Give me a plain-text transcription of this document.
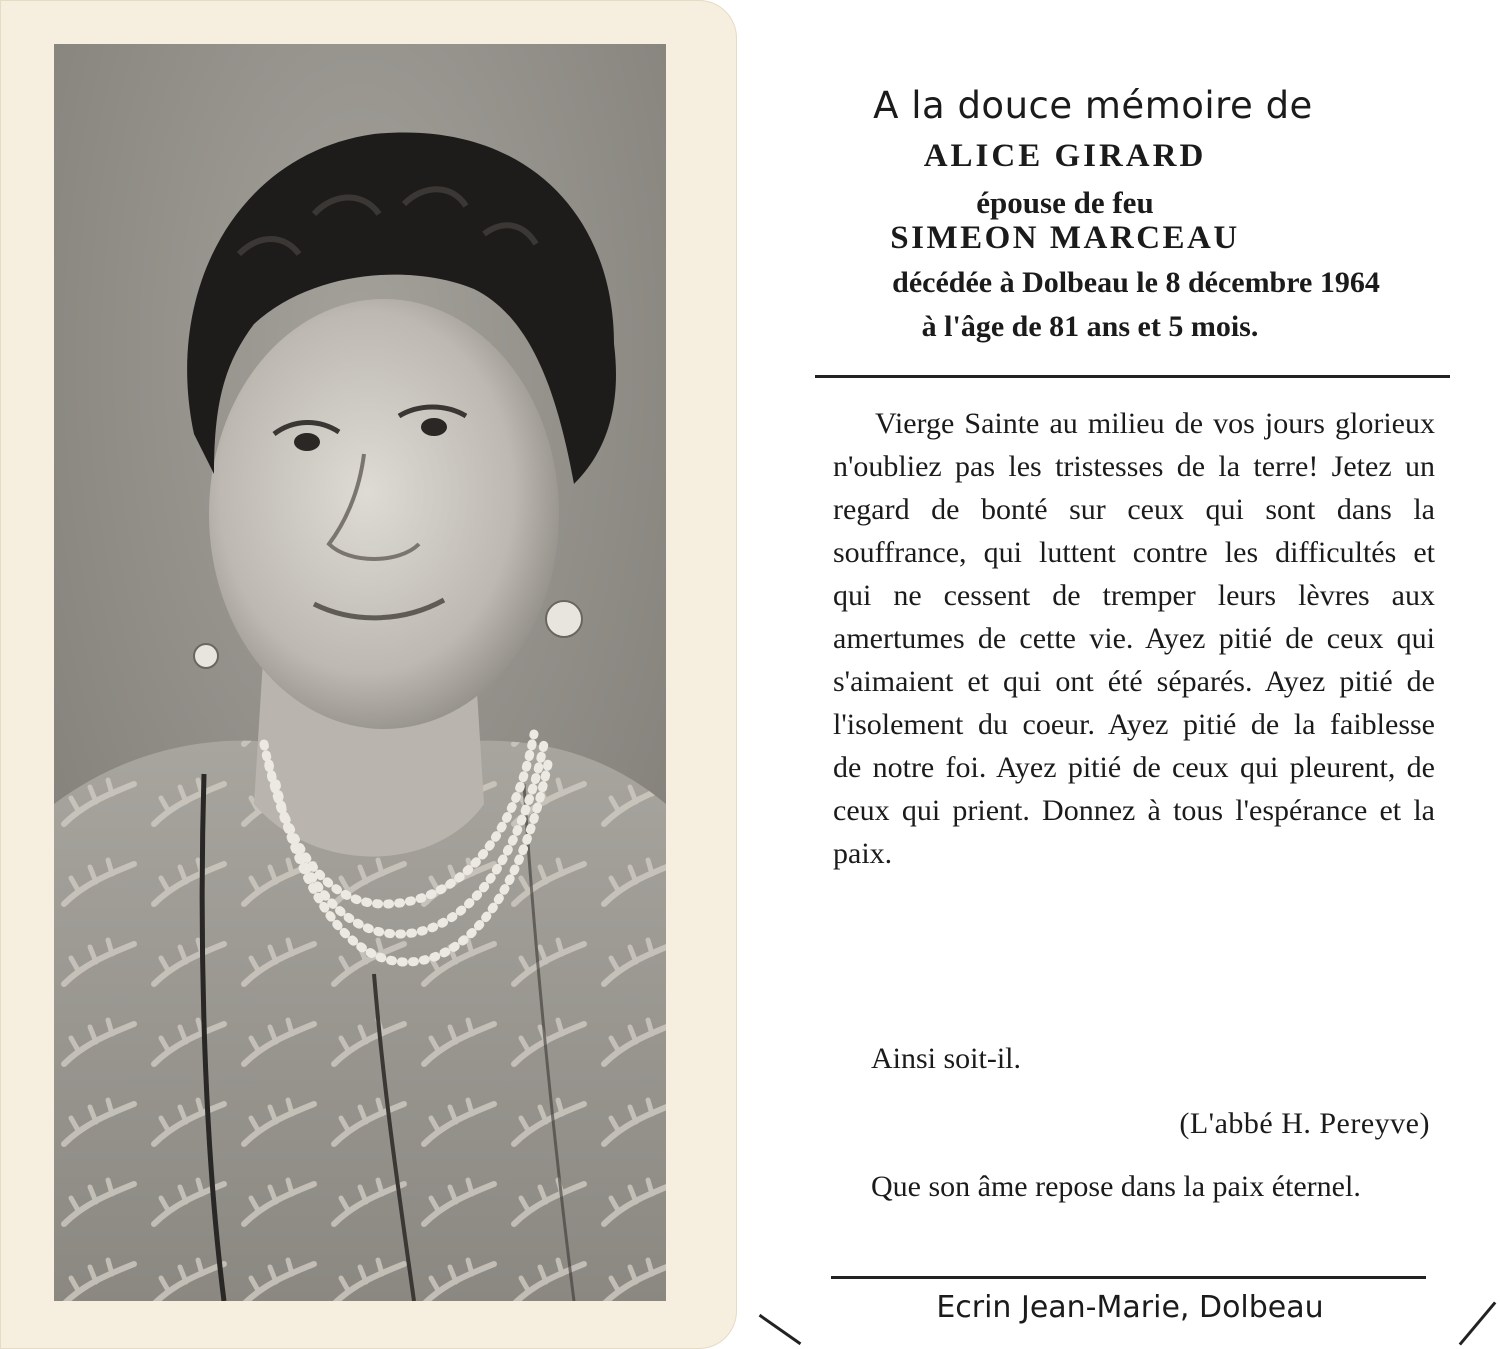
A la douce mémoire de

ALICE GIRARD

épouse de feu

SIMEON MARCEAU

décédée à Dolbeau le 8 décembre 1964

à l'âge de 81 ans et 5 mois.

Vierge Sainte au milieu de vos jours glorieux n'oubliez pas les tristesses de la terre! Jetez un regard de bonté sur ceux qui sont dans la souffrance, qui luttent contre les difficultés et qui ne cessent de tremper leurs lèvres aux amertumes de cette vie. Ayez pitié de ceux qui s'aimaient et qui ont été séparés. Ayez pitié de l'isolement du coeur. Ayez pitié de la faiblesse de notre foi. Ayez pitié de ceux qui pleurent, de ceux qui prient. Donnez à tous l'espérance et la paix.

Ainsi soit-il.

(L'abbé H. Pereyve)

Que son âme repose dans la paix éternel.

Ecrin Jean-Marie, Dolbeau
